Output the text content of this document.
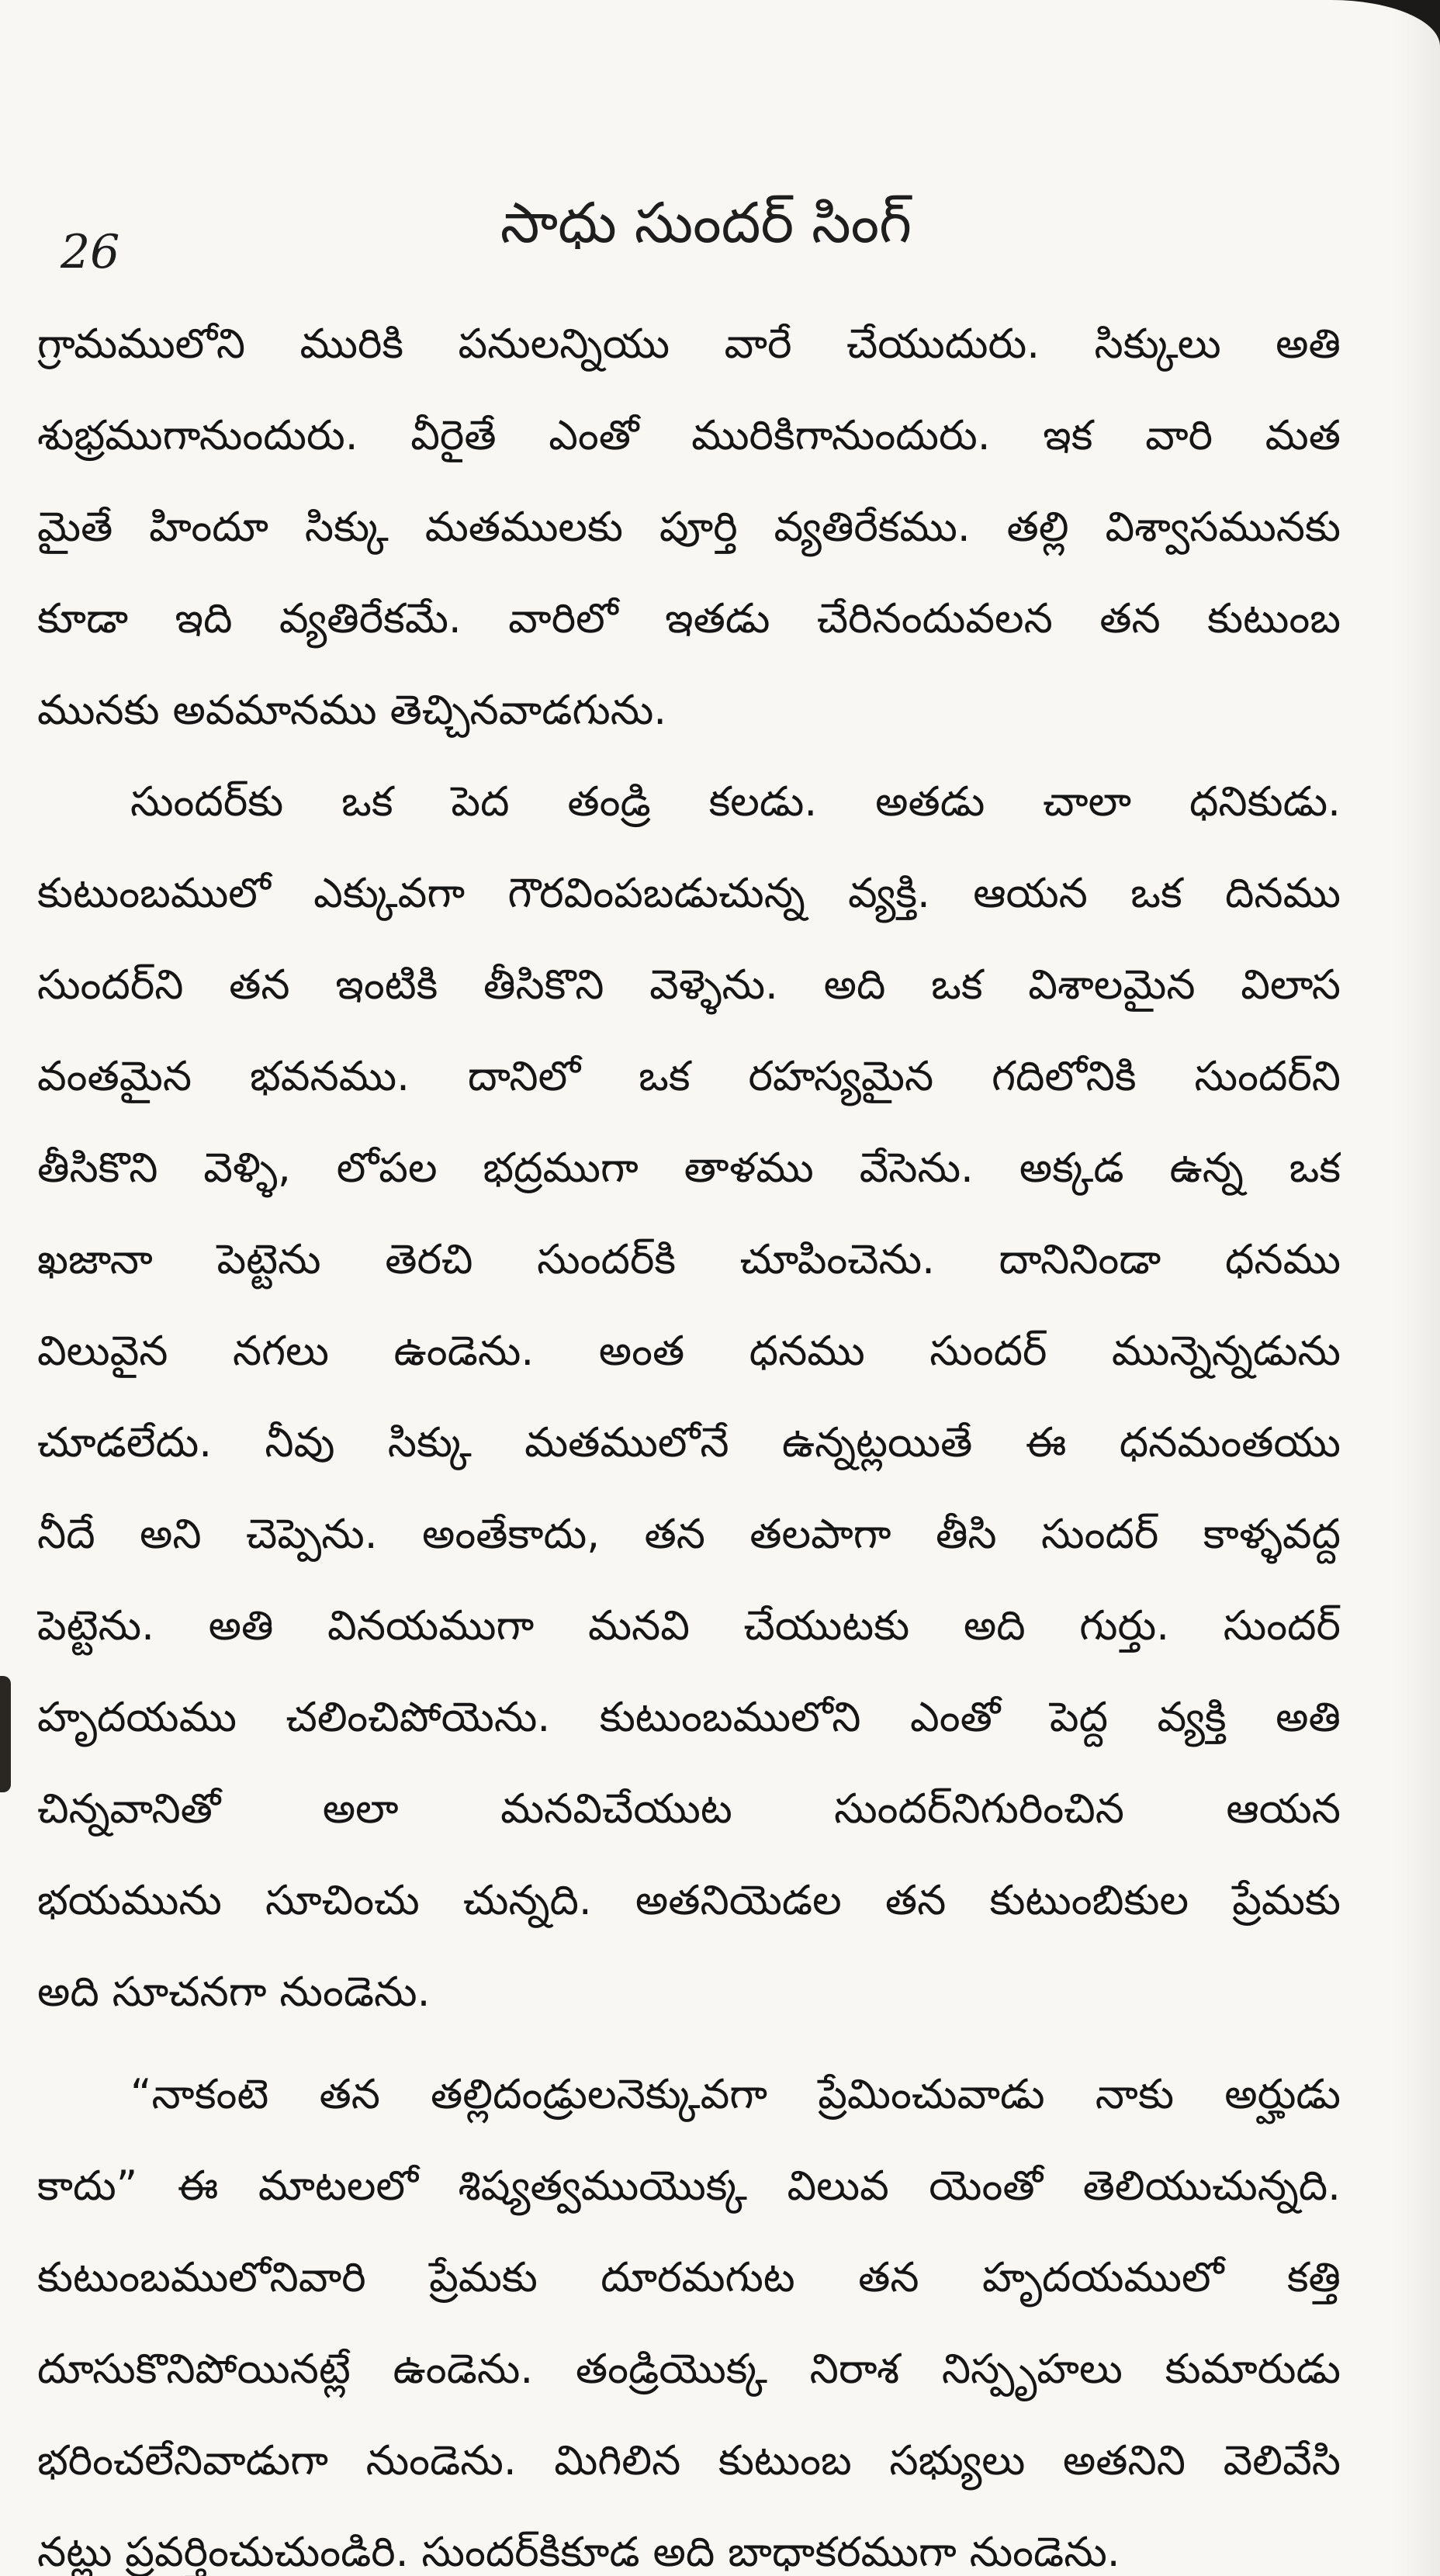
26	సాధు సుందర్ సింగ్
గ్రామములోని మురికి పనులన్నియు వారే చేయుదురు. సిక్కులు అతి
శుభ్రముగానుందురు. వీరైతే ఎంతో మురికిగానుందురు. ఇక వారి మత
మైతే హిందూ సిక్కు మతములకు పూర్తి వ్యతిరేకము. తల్లి విశ్వాసమునకు
కూడా ఇది వ్యతిరేకమే. వారిలో ఇతడు చేరినందువలన తన కుటుంబ
మునకు అవమానము తెచ్చినవాడగును.
సుందర్‌కు ఒక పెద తండ్రి కలడు. అతడు చాలా ధనికుడు.
కుటుంబములో ఎక్కువగా గౌరవింపబడుచున్న వ్యక్తి. ఆయన ఒక దినము
సుందర్‌ని తన ఇంటికి తీసికొని వెళ్ళెను. అది ఒక విశాలమైన విలాస
వంతమైన భవనము. దానిలో ఒక రహస్యమైన గదిలోనికి సుందర్‌ని
తీసికొని వెళ్ళి, లోపల భద్రముగా తాళము వేసెను. అక్కడ ఉన్న ఒక
ఖజానా పెట్టెను తెరచి సుందర్‌కి చూపించెను. దానినిండా ధనము
విలువైన నగలు ఉండెను. అంత ధనము సుందర్ మున్నెన్నడును
చూడలేదు. నీవు సిక్కు మతములోనే ఉన్నట్లయితే ఈ ధనమంతయు
నీదే అని చెప్పెను. అంతేకాదు, తన తలపాగా తీసి సుందర్ కాళ్ళవద్ద
పెట్టెను. అతి వినయముగా మనవి చేయుటకు అది గుర్తు. సుందర్
హృదయము చలించిపోయెను. కుటుంబములోని ఎంతో పెద్ద వ్యక్తి అతి
చిన్నవానితో అలా మనవిచేయుట సుందర్‌నిగురించిన ఆయన
భయమును సూచించు చున్నది. అతనియెడల తన కుటుంబికుల ప్రేమకు
అది సూచనగా నుండెను.
“నాకంటె తన తల్లిదండ్రులనెక్కువగా ప్రేమించువాడు నాకు అర్హుడు
కాదు” ఈ మాటలలో శిష్యత్వముయొక్క విలువ యెంతో తెలియుచున్నది.
కుటుంబములోనివారి ప్రేమకు దూరమగుట తన హృదయములో కత్తి
దూసుకొనిపోయినట్లే ఉండెను. తండ్రియొక్క నిరాశ నిస్పృహలు కుమారుడు
భరించలేనివాడుగా నుండెను. మిగిలిన కుటుంబ సభ్యులు అతనిని వెలివేసి
నట్లు ప్రవర్తించుచుండిరి. సుందర్‌కికూడ అది బాధాకరముగా నుండెను.
